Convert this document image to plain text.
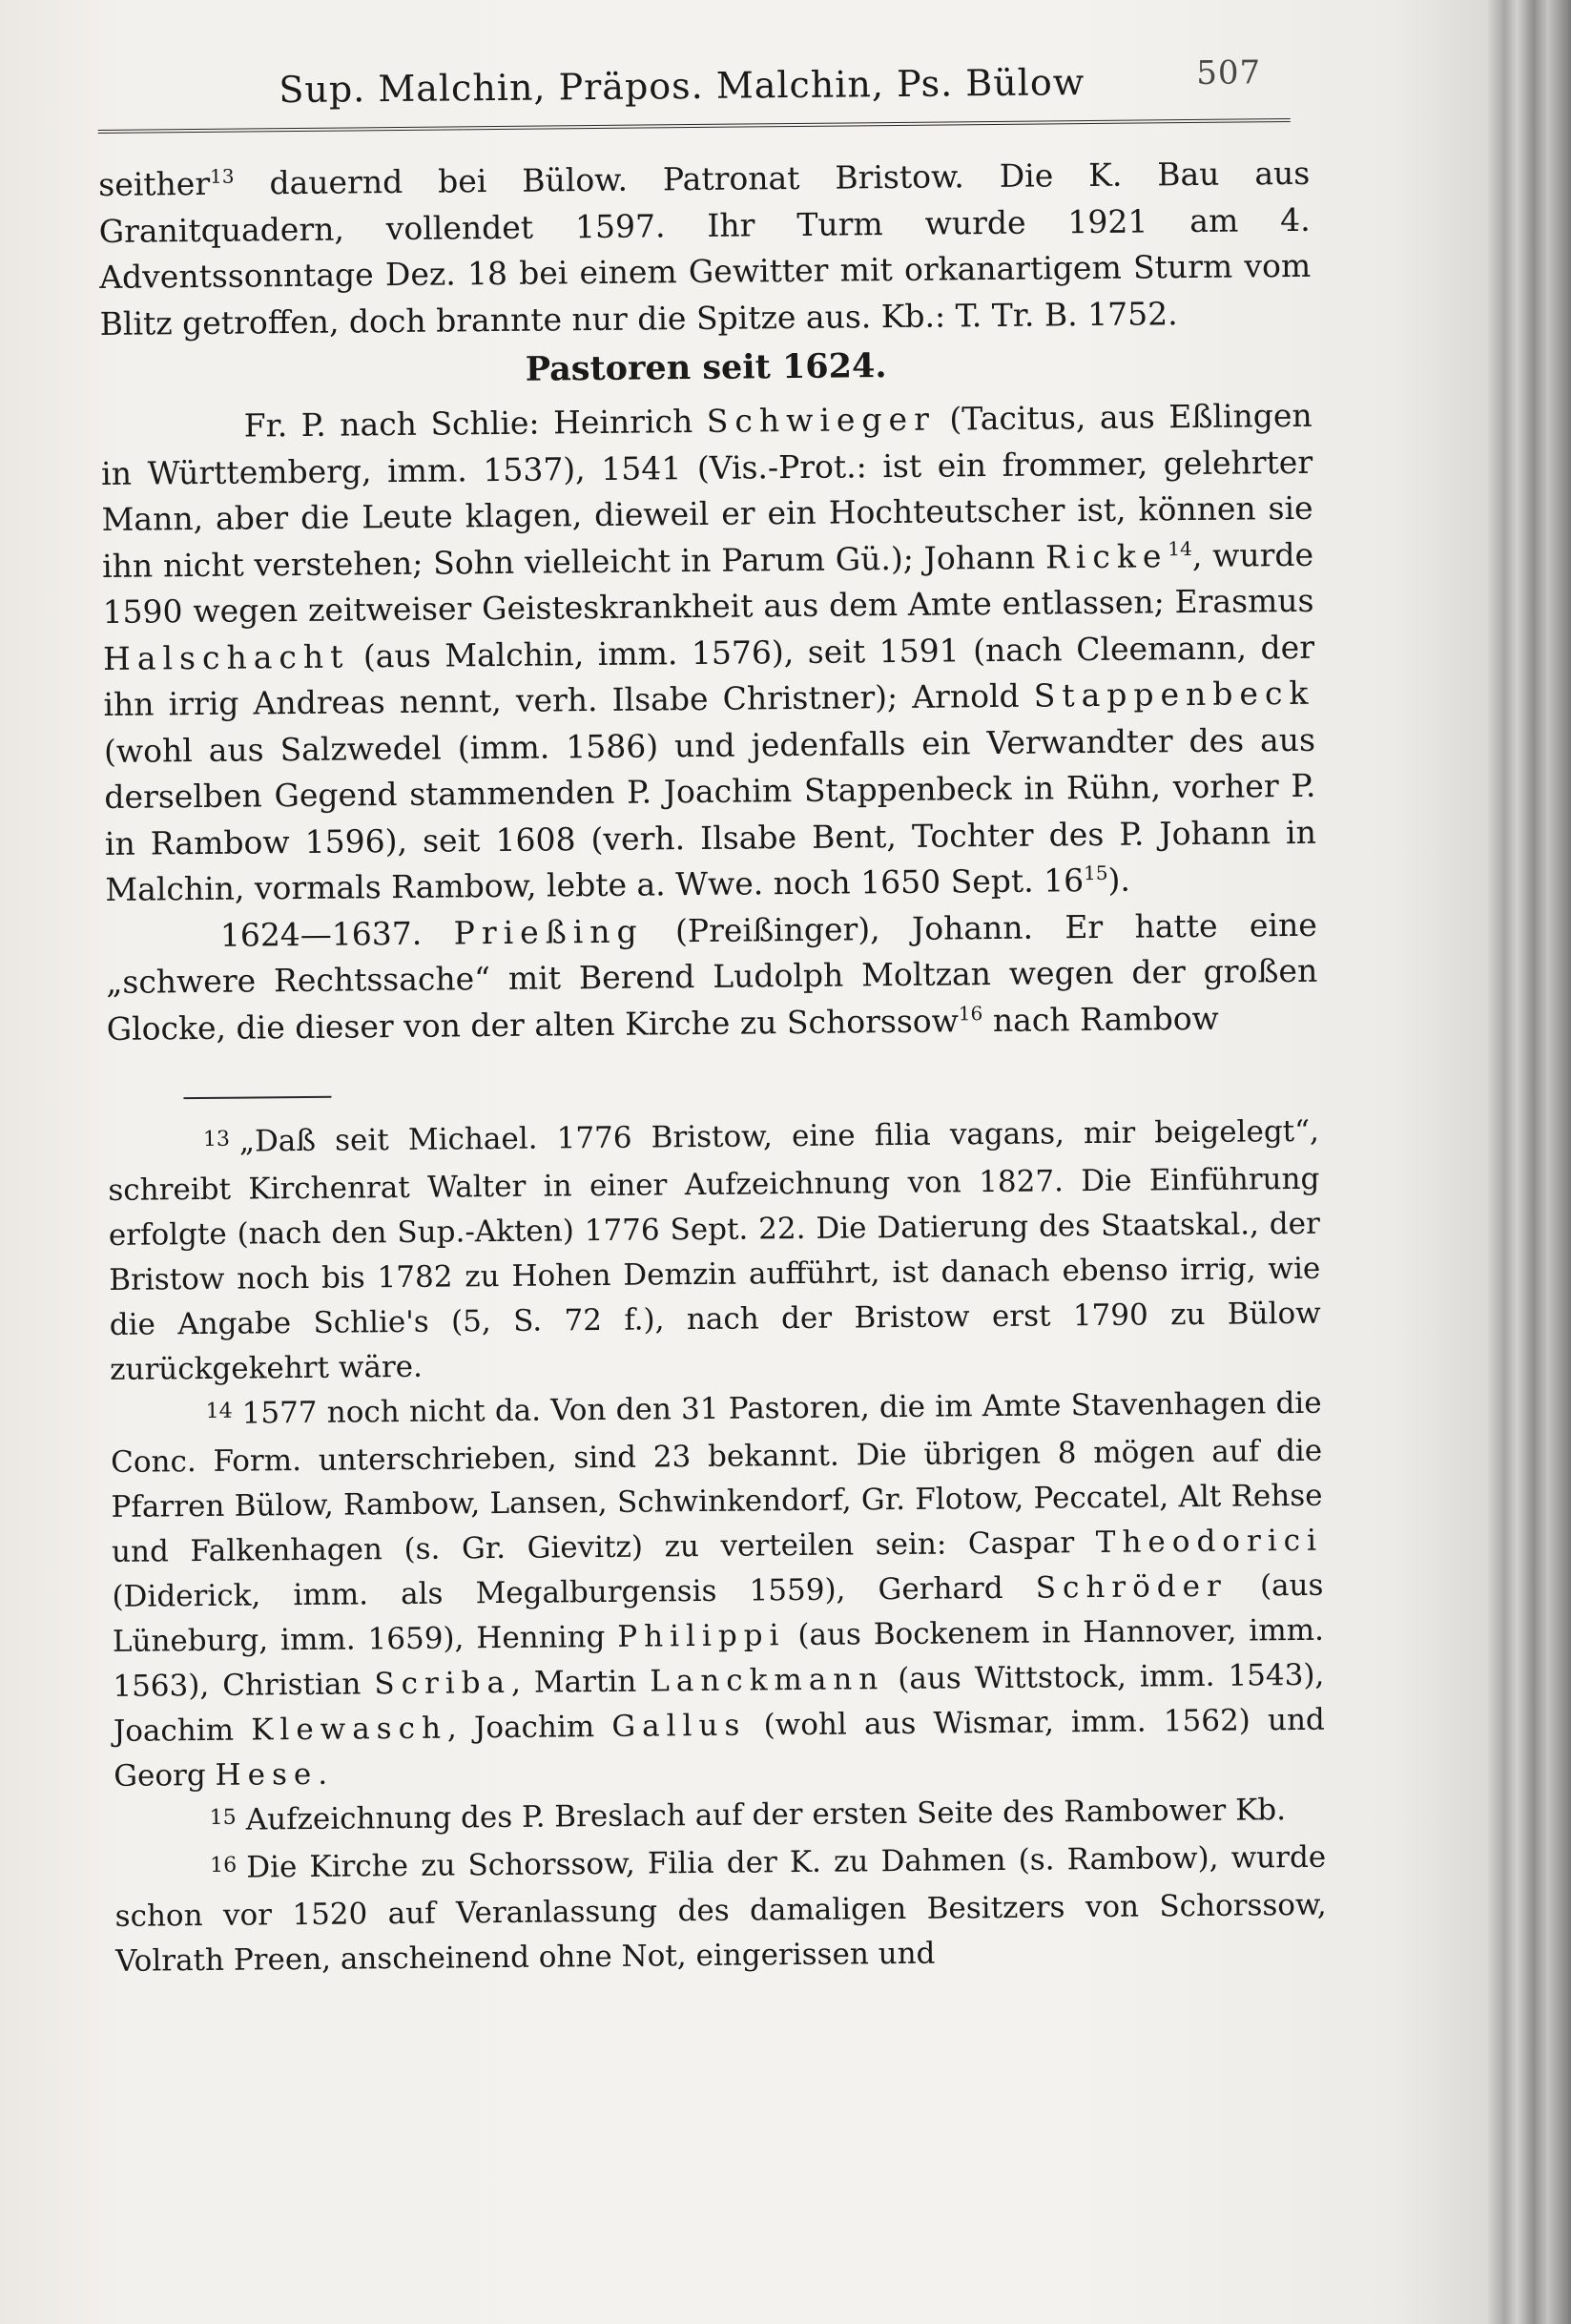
Sup. Malchin, Präpos. Malchin, Ps. Bülow	507

seither$^{13}$ dauernd bei Bülow. Patronat Bristow. Die K. Bau aus Granitquadern, vollendet 1597. Ihr Turm wurde 1921 am 4. Adventssonntage Dez. 18 bei einem Gewitter mit orkanartigem Sturm vom Blitz getroffen, doch brannte nur die Spitze aus. Kb.: T. Tr. B. 1752.

Pastoren seit 1624.

Fr. P. nach Schlie: Heinrich Schwieger (Tacitus, aus Eßlingen in Württemberg, imm. 1537), 1541 (Vis.-Prot.: ist ein frommer, gelehrter Mann, aber die Leute klagen, dieweil er ein Hochteutscher ist, können sie ihn nicht verstehen; Sohn vielleicht in Parum Gü.); Johann Ricke$^{14}$, wurde 1590 wegen zeitweiser Geisteskrankheit aus dem Amte entlassen; Erasmus Halschacht (aus Malchin, imm. 1576), seit 1591 (nach Cleemann, der ihn irrig Andreas nennt, verh. Ilsabe Christner); Arnold Stappenbeck (wohl aus Salzwedel (imm. 1586) und jedenfalls ein Verwandter des aus derselben Gegend stammenden P. Joachim Stappenbeck in Rühn, vorher P. in Rambow 1596), seit 1608 (verh. Ilsabe Bent, Tochter des P. Johann in Malchin, vormals Rambow, lebte a. Wwe. noch 1650 Sept. $16^{15}$).

1624—1637. Prießing (Preißinger), Johann. Er hatte eine „schwere Rechtssache“ mit Berend Ludolph Moltzan wegen der großen Glocke, die dieser von der alten Kirche zu Schorssow$^{16}$ nach Rambow

13 „Daß seit Michael. 1776 Bristow, eine filia vagans, mir beigelegt“, schreibt Kirchenrat Walter in einer Aufzeichnung von 1827. Die Einführung erfolgte (nach den Sup.-Akten) 1776 Sept. 22. Die Datierung des Staatskal., der Bristow noch bis 1782 zu Hohen Demzin aufführt, ist danach ebenso irrig, wie die Angabe Schlie's (5, S. 72 f.), nach der Bristow erst 1790 zu Bülow zurückgekehrt wäre.

14 1577 noch nicht da. Von den 31 Pastoren, die im Amte Stavenhagen die Conc. Form. unterschrieben, sind 23 bekannt. Die übrigen 8 mögen auf die Pfarren Bülow, Rambow, Lansen, Schwinkendorf, Gr. Flotow, Peccatel, Alt Rehse und Falkenhagen (s. Gr. Gievitz) zu verteilen sein: Caspar Theodorici (Diderick, imm. als Megalburgensis 1559), Gerhard Schröder (aus Lüneburg, imm. 1659), Henning Philippi (aus Bockenem in Hannover, imm. 1563), Christian Scriba, Martin Lanckmann (aus Wittstock, imm. 1543), Joachim Klewasch, Joachim Gallus (wohl aus Wismar, imm. 1562) und Georg Hese.

15 Aufzeichnung des P. Breslach auf der ersten Seite des Rambower Kb.

16 Die Kirche zu Schorssow, Filia der K. zu Dahmen (s. Rambow), wurde schon vor 1520 auf Veranlassung des damaligen Besitzers von Schorssow, Volrath Preen, anscheinend ohne Not, eingerissen und
